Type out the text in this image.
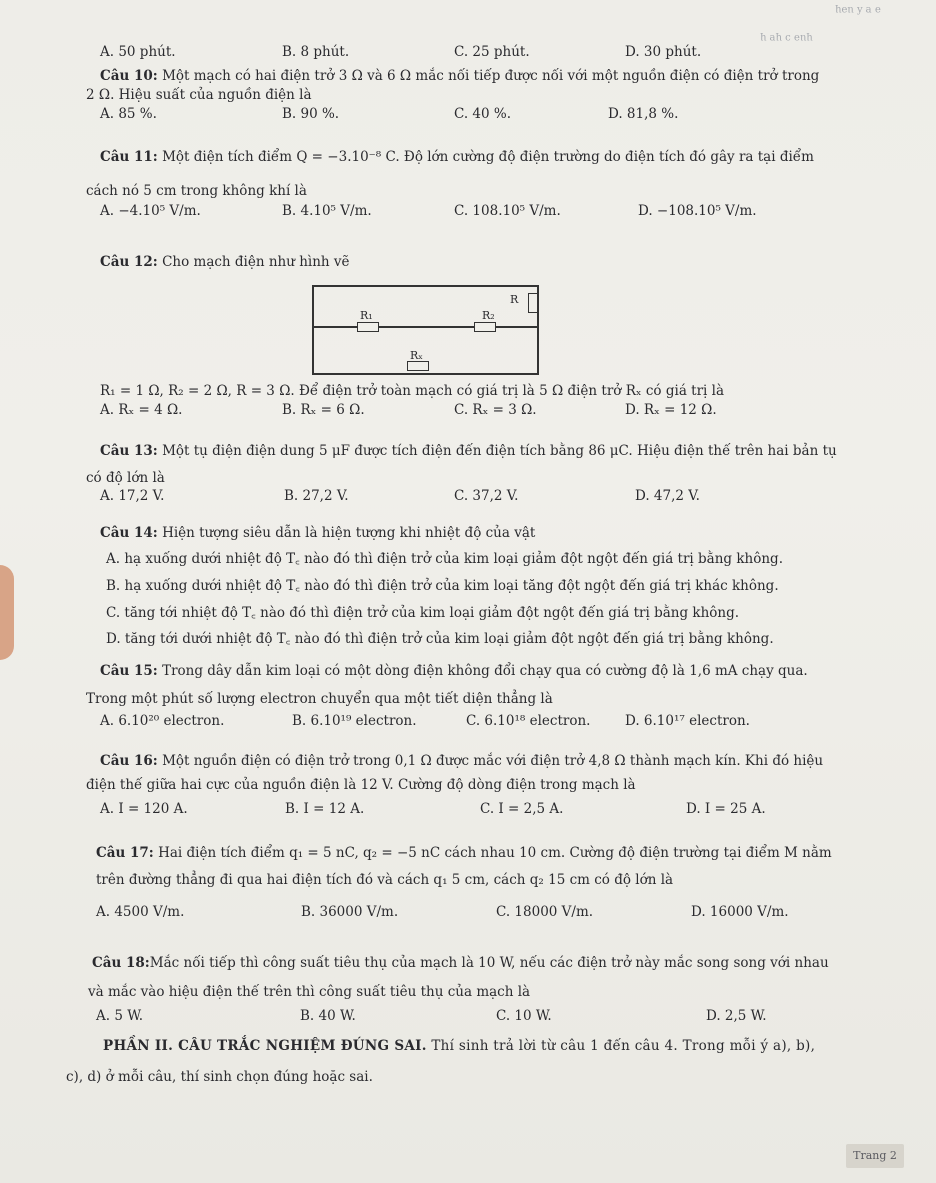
ǝ ɐ ʎ uǝɥ
ɥuǝ ɔ ɥɐ ɥ
A. 50 phút.	B. 8 phút.	C. 25 phút.	D. 30 phút.
Câu 10: Một mạch có hai điện trở 3 Ω và 6 Ω mắc nối tiếp được nối với một nguồn điện có điện trở trong
2 Ω. Hiệu suất của nguồn điện là
A. 85 %.	B. 90 %.	C. 40 %.	D. 81,8 %.
Câu 11: Một điện tích điểm Q = −3.10⁻⁸ C. Độ lớn cường độ điện trường do điện tích đó gây ra tại điểm
cách nó 5 cm trong không khí là
A. −4.10⁵ V/m.	B. 4.10⁵ V/m.	C. 108.10⁵ V/m.	D. −108.10⁵ V/m.
Câu 12: Cho mạch điện như hình vẽ
R₁	R₂
R
Rₓ
R₁ = 1 Ω, R₂ = 2 Ω, R = 3 Ω. Để điện trở toàn mạch có giá trị là 5 Ω điện trở Rₓ có giá trị là
A. Rₓ = 4 Ω.	B. Rₓ = 6 Ω.	C. Rₓ = 3 Ω.	D. Rₓ = 12 Ω.
Câu 13: Một tụ điện điện dung 5 μF được tích điện đến điện tích bằng 86 μC. Hiệu điện thế trên hai bản tụ
có độ lớn là
A. 17,2 V.	B. 27,2 V.	C. 37,2 V.	D. 47,2 V.
Câu 14: Hiện tượng siêu dẫn là hiện tượng khi nhiệt độ của vật
A. hạ xuống dưới nhiệt độ T꜀ nào đó thì điện trở của kim loại giảm đột ngột đến giá trị bằng không.
B. hạ xuống dưới nhiệt độ T꜀ nào đó thì điện trở của kim loại tăng đột ngột đến giá trị khác không.
C. tăng tới nhiệt độ T꜀ nào đó thì điện trở của kim loại giảm đột ngột đến giá trị bằng không.
D. tăng tới dưới nhiệt độ T꜀ nào đó thì điện trở của kim loại giảm đột ngột đến giá trị bằng không.
Câu 15: Trong dây dẫn kim loại có một dòng điện không đổi chạy qua có cường độ là 1,6 mA chạy qua.
Trong một phút số lượng electron chuyển qua một tiết diện thẳng là
A. 6.10²⁰ electron.	B. 6.10¹⁹ electron.	C. 6.10¹⁸ electron.	D. 6.10¹⁷ electron.
Câu 16: Một nguồn điện có điện trở trong 0,1 Ω được mắc với điện trở 4,8 Ω thành mạch kín. Khi đó hiệu
điện thế giữa hai cực của nguồn điện là 12 V. Cường độ dòng điện trong mạch là
A. I = 120 A.	B. I = 12 A.	C. I = 2,5 A.	D. I = 25 A.
Câu 17: Hai điện tích điểm q₁ = 5 nC, q₂ = −5 nC cách nhau 10 cm. Cường độ điện trường tại điểm M nằm
trên đường thẳng đi qua hai điện tích đó và cách q₁ 5 cm, cách q₂ 15 cm có độ lớn là
A. 4500 V/m.	B. 36000 V/m.	C. 18000 V/m.	D. 16000 V/m.
Câu 18:Mắc nối tiếp thì công suất tiêu thụ của mạch là 10 W, nếu các điện trở này mắc song song với nhau
và mắc vào hiệu điện thế trên thì công suất tiêu thụ của mạch là
A. 5 W.	B. 40 W.	C. 10 W.	D. 2,5 W.
PHẦN II. CÂU TRẮC NGHIỆM ĐÚNG SAI. Thí sinh trả lời từ câu 1 đến câu 4. Trong mỗi ý a), b),
c), d) ở mỗi câu, thí sinh chọn đúng hoặc sai.
Trang 2
